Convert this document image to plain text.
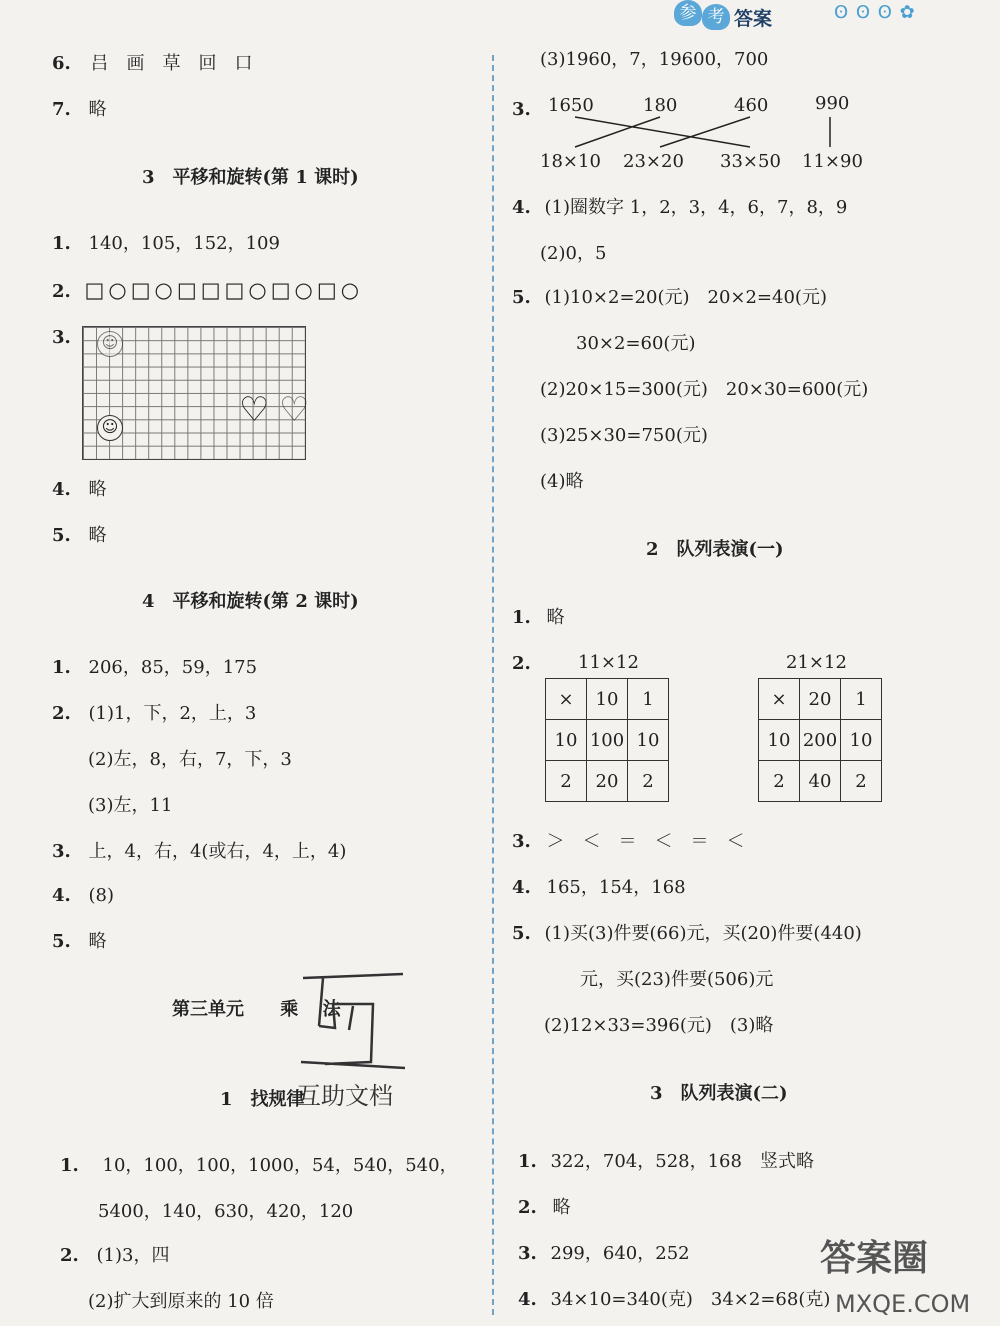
参 考 答案	ʘ ʘ ʘ ✿
6. 吕　画　草　回　口
7. 略
3 平移和旋转(第 1 课时)
1. 140，105，152，109
2. □○□○□□□○□○□○
3. ☺
☺	♡ ♡
4. 略
5. 略
4 平移和旋转(第 2 课时)
1. 206，85，59，175
2. (1)1，下，2，上，3
(2)左，8，右，7，下，3
(3)左，11
3. 上，4，右，4(或右，4，上，4)
4. (8)
5. 略
第三单元 乘 法
1 找规律
互助文档
1. 10，100，100，1000，54，540，540，
5400，140，630，420，120
2. (1)3，四
(2)扩大到原来的 10 倍
(3)1960，7，19600，700
3. 1650	180	460	990
18×10 23×20 33×50 11×90
4. (1)圈数字 1，2，3，4，6，7，8，9
(2)0，5
5. (1)10×2=20(元)　20×2=40(元)
30×2=60(元)
(2)20×15=300(元)　20×30=600(元)
(3)25×30=750(元)
(4)略
2 队列表演(一)
1. 略
2.	11×12	21×12
×	10	1
10	100	10
2	20	2
×	20	1
10	200	10
2	40	2
3. ＞　＜　＝　＜　＝　＜
4. 165，154，168
5. (1)买(3)件要(66)元，买(20)件要(440)
元，买(23)件要(506)元
(2)12×33=396(元)　(3)略
3 队列表演(二)
1. 322，704，528，168　竖式略
2. 略
3. 299，640，252
4. 34×10=340(克)　34×2=68(克)
答案圈
MXQE.COM
